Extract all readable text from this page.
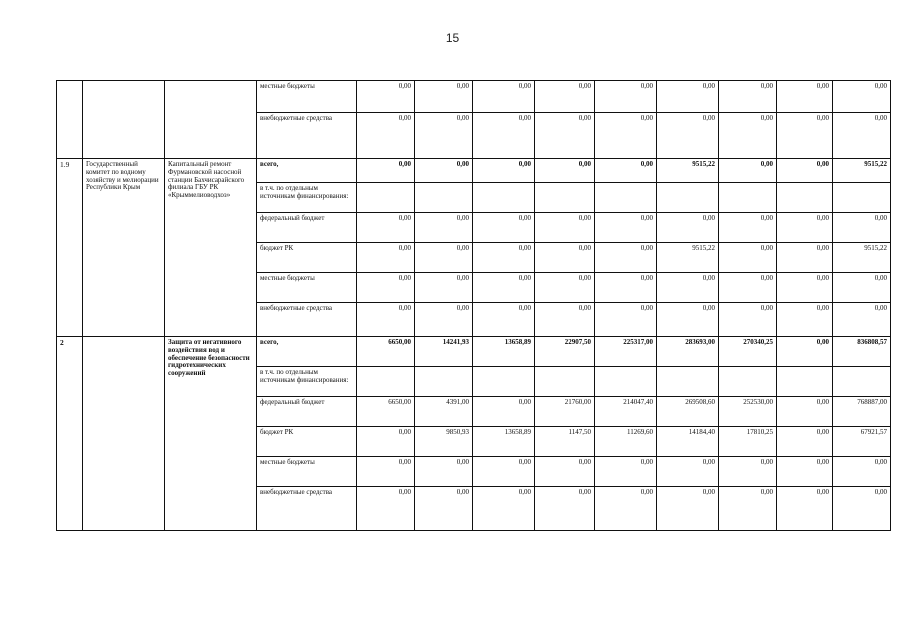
15
			местные бюджеты	0,00	0,00	0,00	0,00	0,00	0,00	0,00	0,00	0,00
			внебюджетные средства	0,00	0,00	0,00	0,00	0,00	0,00	0,00	0,00	0,00
1.9	Государственный комитет по водному хозяйству и мелиорации Республики Крым	Капитальный ремонт Фурмановской насосной станции Бахчисарайского филиала ГБУ РК «Крыммелиоводхоз»	всего,	0,00	0,00	0,00	0,00	0,00	9515,22	0,00	0,00	9515,22
			в т.ч. по отдельным источникам финансирования:									
			федеральный бюджет	0,00	0,00	0,00	0,00	0,00	0,00	0,00	0,00	0,00
			бюджет РК	0,00	0,00	0,00	0,00	0,00	9515,22	0,00	0,00	9515,22
			местные бюджеты	0,00	0,00	0,00	0,00	0,00	0,00	0,00	0,00	0,00
			внебюджетные средства	0,00	0,00	0,00	0,00	0,00	0,00	0,00	0,00	0,00
2		Защита от негативного воздействия вод и обеспечение безопасности гидротехнических сооружений	всего,	6650,00	14241,93	13658,89	22907,50	225317,00	283693,00	270340,25	0,00	836808,57
			в т.ч. по отдельным источникам финансирования:									
			федеральный бюджет	6650,00	4391,00	0,00	21760,00	214047,40	269508,60	252530,00	0,00	768887,00
			бюджет РК	0,00	9850,93	13658,89	1147,50	11269,60	14184,40	17810,25	0,00	67921,57
			местные бюджеты	0,00	0,00	0,00	0,00	0,00	0,00	0,00	0,00	0,00
			внебюджетные средства	0,00	0,00	0,00	0,00	0,00	0,00	0,00	0,00	0,00
